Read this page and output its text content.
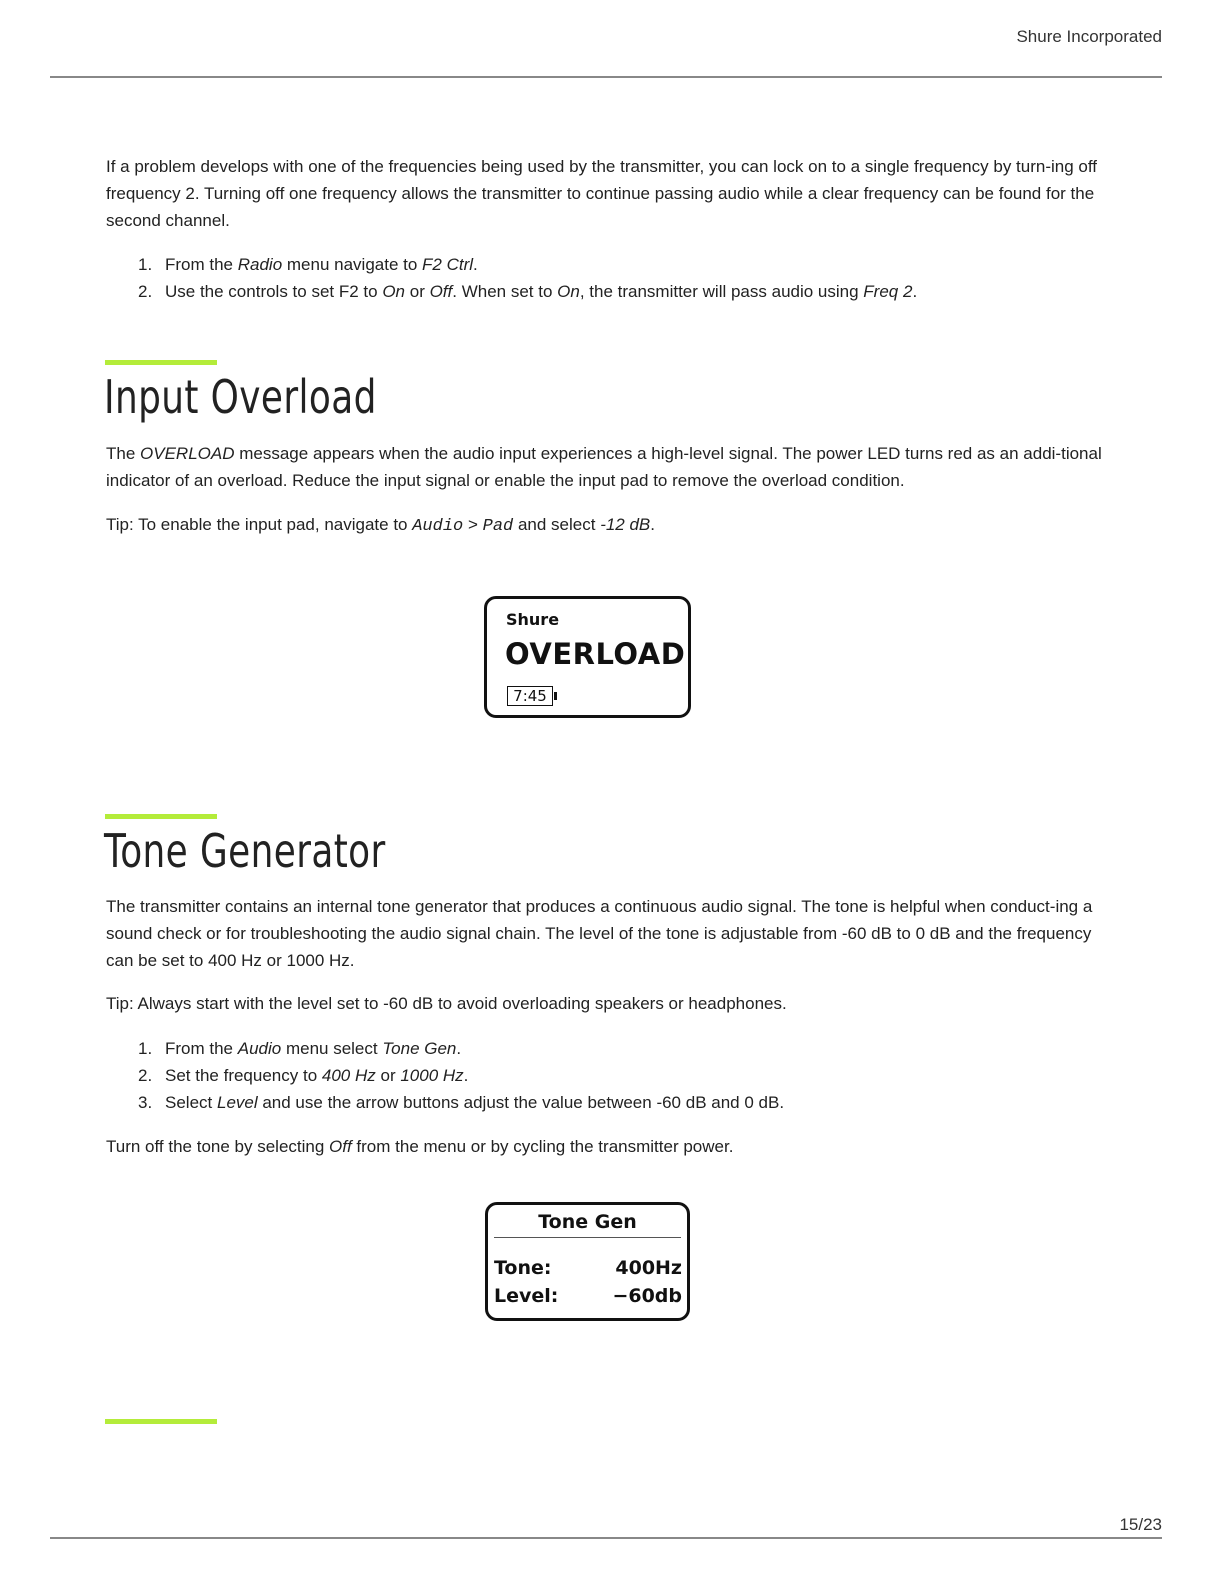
Shure Incorporated

If a problem develops with one of the frequencies being used by the transmitter, you can lock on to a single frequency by turn-ing off frequency 2. Turning off one frequency allows the transmitter to continue passing audio while a clear frequency can be found for the second channel.

1. From the Radio menu navigate to F2 Ctrl.
2. Use the controls to set F2 to On or Off. When set to On, the transmitter will pass audio using Freq 2.
Input Overload

The OVERLOAD message appears when the audio input experiences a high-level signal. The power LED turns red as an addi-tional indicator of an overload. Reduce the input signal or enable the input pad to remove the overload condition.

Tip: To enable the input pad, navigate to Audio > Pad and select -12 dB.

Shure
OVERLOAD
7:45
Tone Generator

The transmitter contains an internal tone generator that produces a continuous audio signal. The tone is helpful when conduct-ing a sound check or for troubleshooting the audio signal chain. The level of the tone is adjustable from -60 dB to 0 dB and the frequency can be set to 400 Hz or 1000 Hz.

Tip: Always start with the level set to -60 dB to avoid overloading speakers or headphones.

1. From the Audio menu select Tone Gen.
2. Set the frequency to 400 Hz or 1000 Hz.
3. Select Level and use the arrow buttons adjust the value between -60 dB and 0 dB.

Turn off the tone by selecting Off from the menu or by cycling the transmitter power.

Tone Gen
Tone:	400Hz
Level:	−60db
15/23
